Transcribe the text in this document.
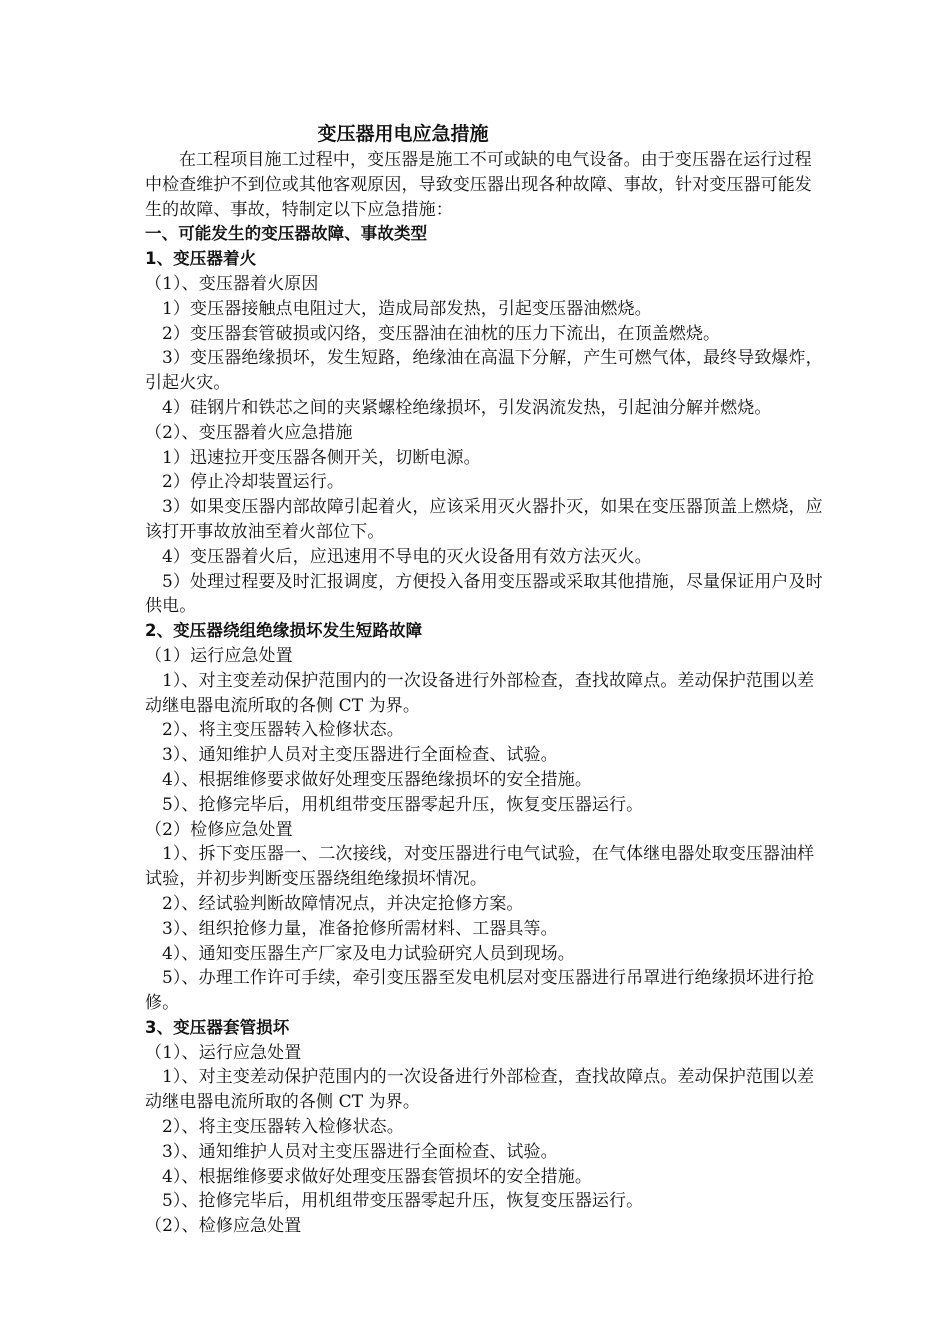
变压器用电应急措施

在工程项目施工过程中，变压器是施工不可或缺的电气设备。由于变压器在运行过程中检查维护不到位或其他客观原因，导致变压器出现各种故障、事故，针对变压器可能发生的故障、事故，特制定以下应急措施：

一、可能发生的变压器故障、事故类型

1、变压器着火

（1）、变压器着火原因

1）变压器接触点电阻过大，造成局部发热，引起变压器油燃烧。

2）变压器套管破损或闪络，变压器油在油枕的压力下流出，在顶盖燃烧。

3）变压器绝缘损坏，发生短路，绝缘油在高温下分解，产生可燃气体，最终导致爆炸，引起火灾。

4）硅钢片和铁芯之间的夹紧螺栓绝缘损坏，引发涡流发热，引起油分解并燃烧。

（2）、变压器着火应急措施

1）迅速拉开变压器各侧开关，切断电源。

2）停止冷却装置运行。

3）如果变压器内部故障引起着火，应该采用灭火器扑灭，如果在变压器顶盖上燃烧，应该打开事故放油至着火部位下。

4）变压器着火后，应迅速用不导电的灭火设备用有效方法灭火。

5）处理过程要及时汇报调度，方便投入备用变压器或采取其他措施，尽量保证用户及时供电。

2、变压器绕组绝缘损坏发生短路故障

（1）运行应急处置

1）、对主变差动保护范围内的一次设备进行外部检查，查找故障点。差动保护范围以差动继电器电流所取的各侧 CT 为界。

2）、将主变压器转入检修状态。

3）、通知维护人员对主变压器进行全面检查、试验。

4）、根据维修要求做好处理变压器绝缘损坏的安全措施。

5）、抢修完毕后，用机组带变压器零起升压，恢复变压器运行。

（2）检修应急处置

1）、拆下变压器一、二次接线，对变压器进行电气试验，在气体继电器处取变压器油样试验，并初步判断变压器绕组绝缘损坏情况。

2）、经试验判断故障情况点，并决定抢修方案。

3）、组织抢修力量，准备抢修所需材料、工器具等。

4）、通知变压器生产厂家及电力试验研究人员到现场。

5）、办理工作许可手续，牵引变压器至发电机层对变压器进行吊罩进行绝缘损坏进行抢修。

3、变压器套管损坏

（1）、运行应急处置

1）、对主变差动保护范围内的一次设备进行外部检查，查找故障点。差动保护范围以差动继电器电流所取的各侧 CT 为界。

2）、将主变压器转入检修状态。

3）、通知维护人员对主变压器进行全面检查、试验。

4）、根据维修要求做好处理变压器套管损坏的安全措施。

5）、抢修完毕后，用机组带变压器零起升压，恢复变压器运行。

（2）、检修应急处置
